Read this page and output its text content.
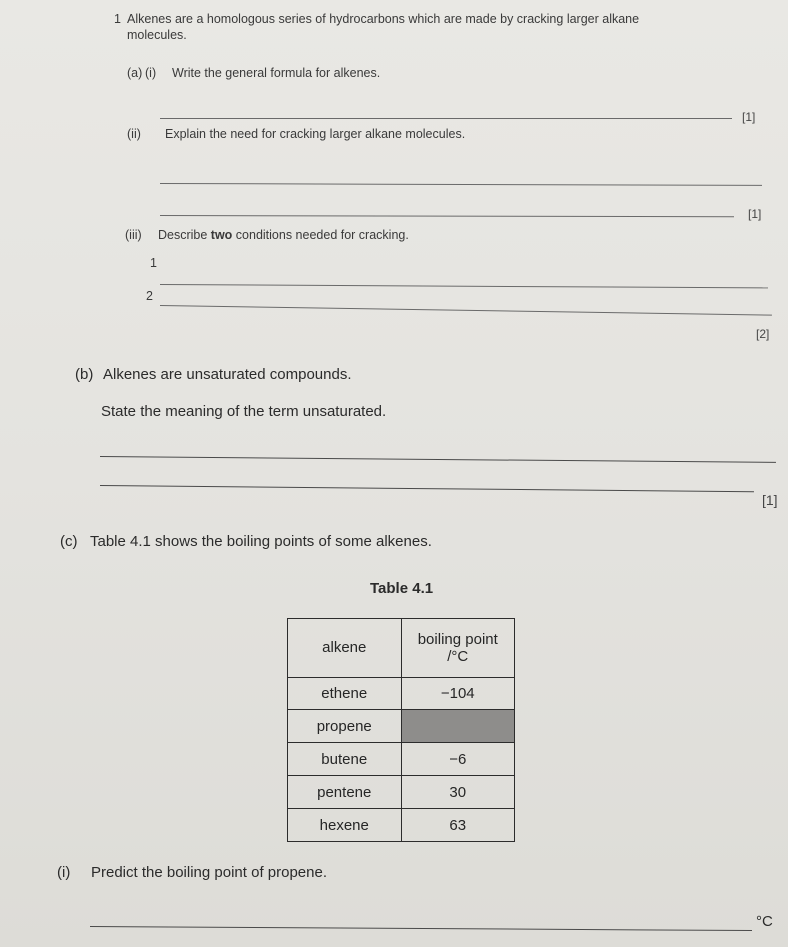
1 Alkenes are a homologous series of hydrocarbons which are made by cracking larger alkane
molecules.
(a) (i) Write the general formula for alkenes.
[1]
(ii) Explain the need for cracking larger alkane molecules.
[1]
(iii) Describe two conditions needed for cracking.
1
2
[2]
(b) Alkenes are unsaturated compounds.
State the meaning of the term unsaturated.
[1]
(c) Table 4.1 shows the boiling points of some alkenes.
Table 4.1
alkene	boiling point
/°C
ethene	−104
propene	
butene	−6
pentene	30
hexene	63
(i) Predict the boiling point of propene.
°C
